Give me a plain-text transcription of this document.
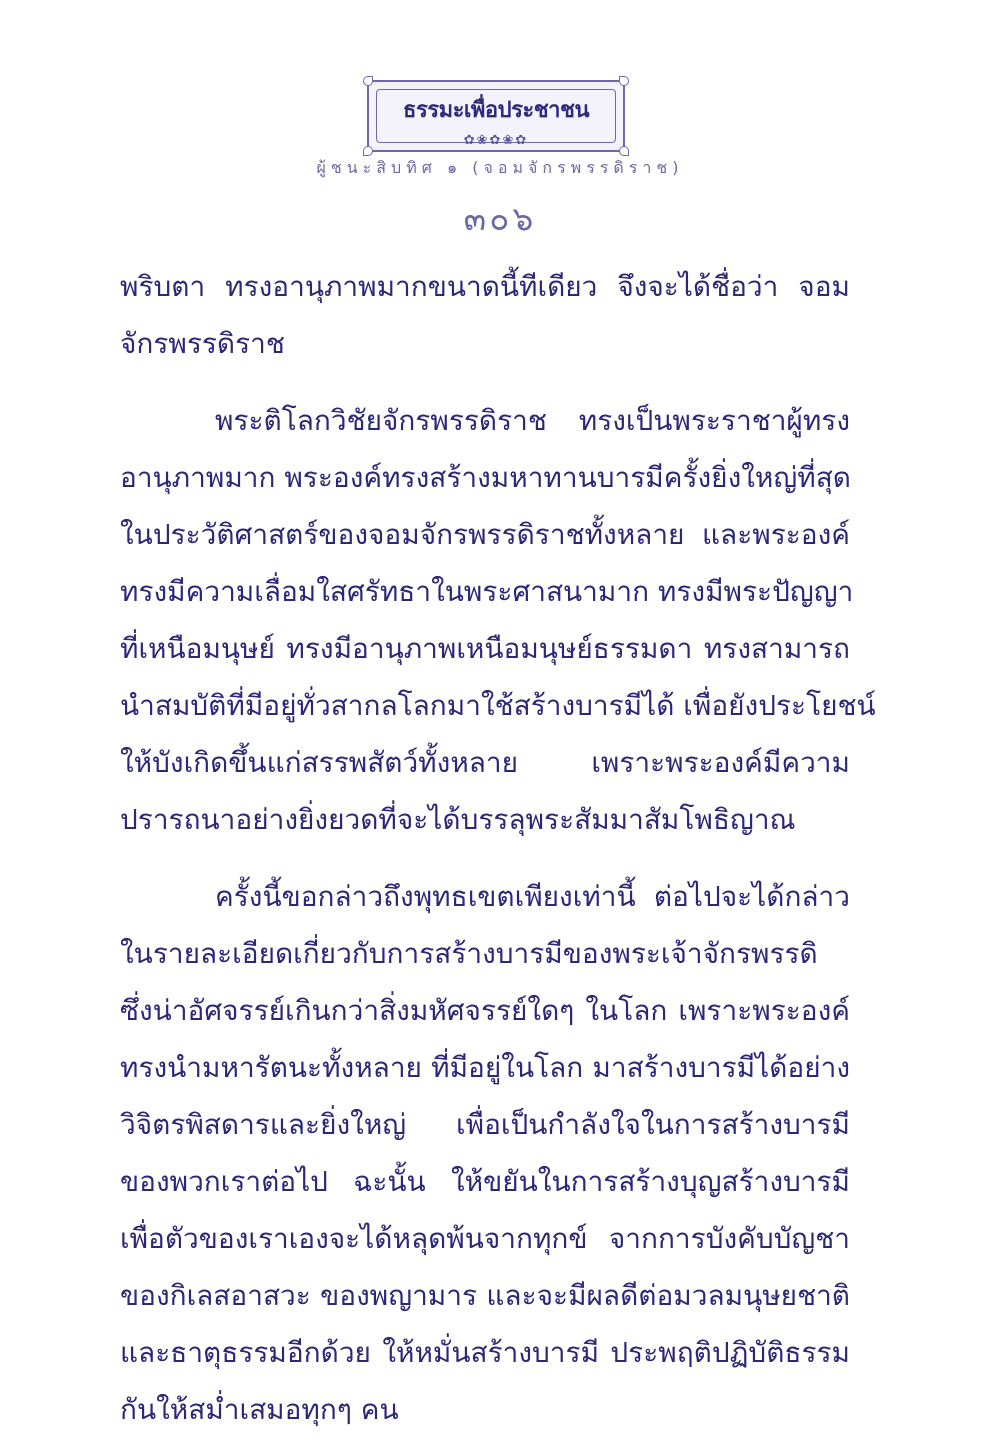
ธรรมะเพื่อประชาชน
✿❀✿❀✿
ผู้ชนะสิบทิศ ๑ (จอมจักรพรรดิราช)
๓๐๖
พริบตา ทรงอานุภาพมากขนาดนี้ทีเดียว จึงจะได้ชื่อว่า จอม
จักรพรรดิราช
พระติโลกวิชัยจักรพรรดิราช ทรงเป็นพระราชาผู้ทรง
อานุภาพมาก พระองค์ทรงสร้างมหาทานบารมีครั้งยิ่งใหญ่ที่สุด
ในประวัติศาสตร์ของจอมจักรพรรดิราชทั้งหลาย และพระองค์
ทรงมีความเลื่อมใสศรัทธาในพระศาสนามาก ทรงมีพระปัญญา
ที่เหนือมนุษย์ ทรงมีอานุภาพเหนือมนุษย์ธรรมดา ทรงสามารถ
นำสมบัติที่มีอยู่ทั่วสากลโลกมาใช้สร้างบารมีได้ เพื่อยังประโยชน์
ให้บังเกิดขึ้นแก่สรรพสัตว์ทั้งหลาย เพราะพระองค์มีความ
ปรารถนาอย่างยิ่งยวดที่จะได้บรรลุพระสัมมาสัมโพธิญาณ
ครั้งนี้ขอกล่าวถึงพุทธเขตเพียงเท่านี้ ต่อไปจะได้กล่าว
ในรายละเอียดเกี่ยวกับการสร้างบารมีของพระเจ้าจักรพรรดิ
ซึ่งน่าอัศจรรย์เกินกว่าสิ่งมหัศจรรย์ใดๆ ในโลก เพราะพระองค์
ทรงนำมหารัตนะทั้งหลาย ที่มีอยู่ในโลก มาสร้างบารมีได้อย่าง
วิจิตรพิสดารและยิ่งใหญ่ เพื่อเป็นกำลังใจในการสร้างบารมี
ของพวกเราต่อไป ฉะนั้น ให้ขยันในการสร้างบุญสร้างบารมี
เพื่อตัวของเราเองจะได้หลุดพ้นจากทุกข์ จากการบังคับบัญชา
ของกิเลสอาสวะ ของพญามาร และจะมีผลดีต่อมวลมนุษยชาติ
และธาตุธรรมอีกด้วย ให้หมั่นสร้างบารมี ประพฤติปฏิบัติธรรม
กันให้สม่ำเสมอทุกๆ คน
